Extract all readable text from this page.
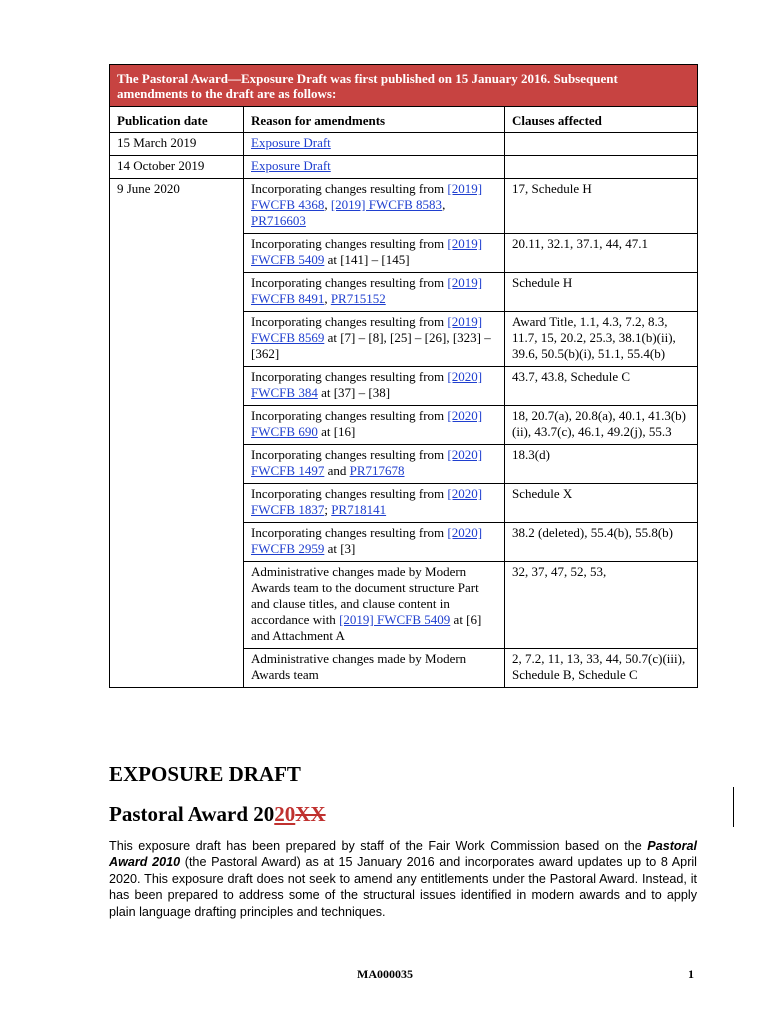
The Pastoral Award—Exposure Draft was first published on 15 January 2016. Subsequent amendments to the draft are as follows:		
Publication date	Reason for amendments	Clauses affected
15 March 2019	Exposure Draft	
14 October 2019	Exposure Draft	
9 June 2020	Incorporating changes resulting from [2019] FWCFB 4368, [2019] FWCFB 8583, PR716603	17, Schedule H
	Incorporating changes resulting from [2019] FWCFB 5409 at [141] – [145]	20.11, 32.1, 37.1, 44, 47.1
	Incorporating changes resulting from [2019] FWCFB 8491, PR715152	Schedule H
	Incorporating changes resulting from [2019] FWCFB 8569 at [7] – [8], [25] – [26], [323] – [362]	Award Title, 1.1, 4.3, 7.2, 8.3, 11.7, 15, 20.2, 25.3, 38.1(b)(ii), 39.6, 50.5(b)(i), 51.1, 55.4(b)
	Incorporating changes resulting from [2020] FWCFB 384 at [37] – [38]	43.7, 43.8, Schedule C
	Incorporating changes resulting from [2020] FWCFB 690 at [16]	18, 20.7(a), 20.8(a), 40.1, 41.3(b)(ii), 43.7(c), 46.1, 49.2(j), 55.3
	Incorporating changes resulting from [2020] FWCFB 1497 and PR717678	18.3(d)
	Incorporating changes resulting from [2020] FWCFB 1837; PR718141	Schedule X
	Incorporating changes resulting from [2020] FWCFB 2959 at [3]	38.2 (deleted), 55.4(b), 55.8(b)
	Administrative changes made by Modern Awards team to the document structure Part and clause titles, and clause content in accordance with [2019] FWCFB 5409 at [6] and Attachment A	32, 37, 47, 52, 53,
	Administrative changes made by Modern Awards team	2, 7.2, 11, 13, 33, 44, 50.7(c)(iii), Schedule B, Schedule C
EXPOSURE DRAFT
Pastoral Award 2020XX

This exposure draft has been prepared by staff of the Fair Work Commission based on the Pastoral Award 2010 (the Pastoral Award) as at 15 January 2016 and incorporates award updates up to 8 April 2020. This exposure draft does not seek to amend any entitlements under the Pastoral Award. Instead, it has been prepared to address some of the structural issues identified in modern awards and to apply plain language drafting principles and techniques.

MA000035	1
